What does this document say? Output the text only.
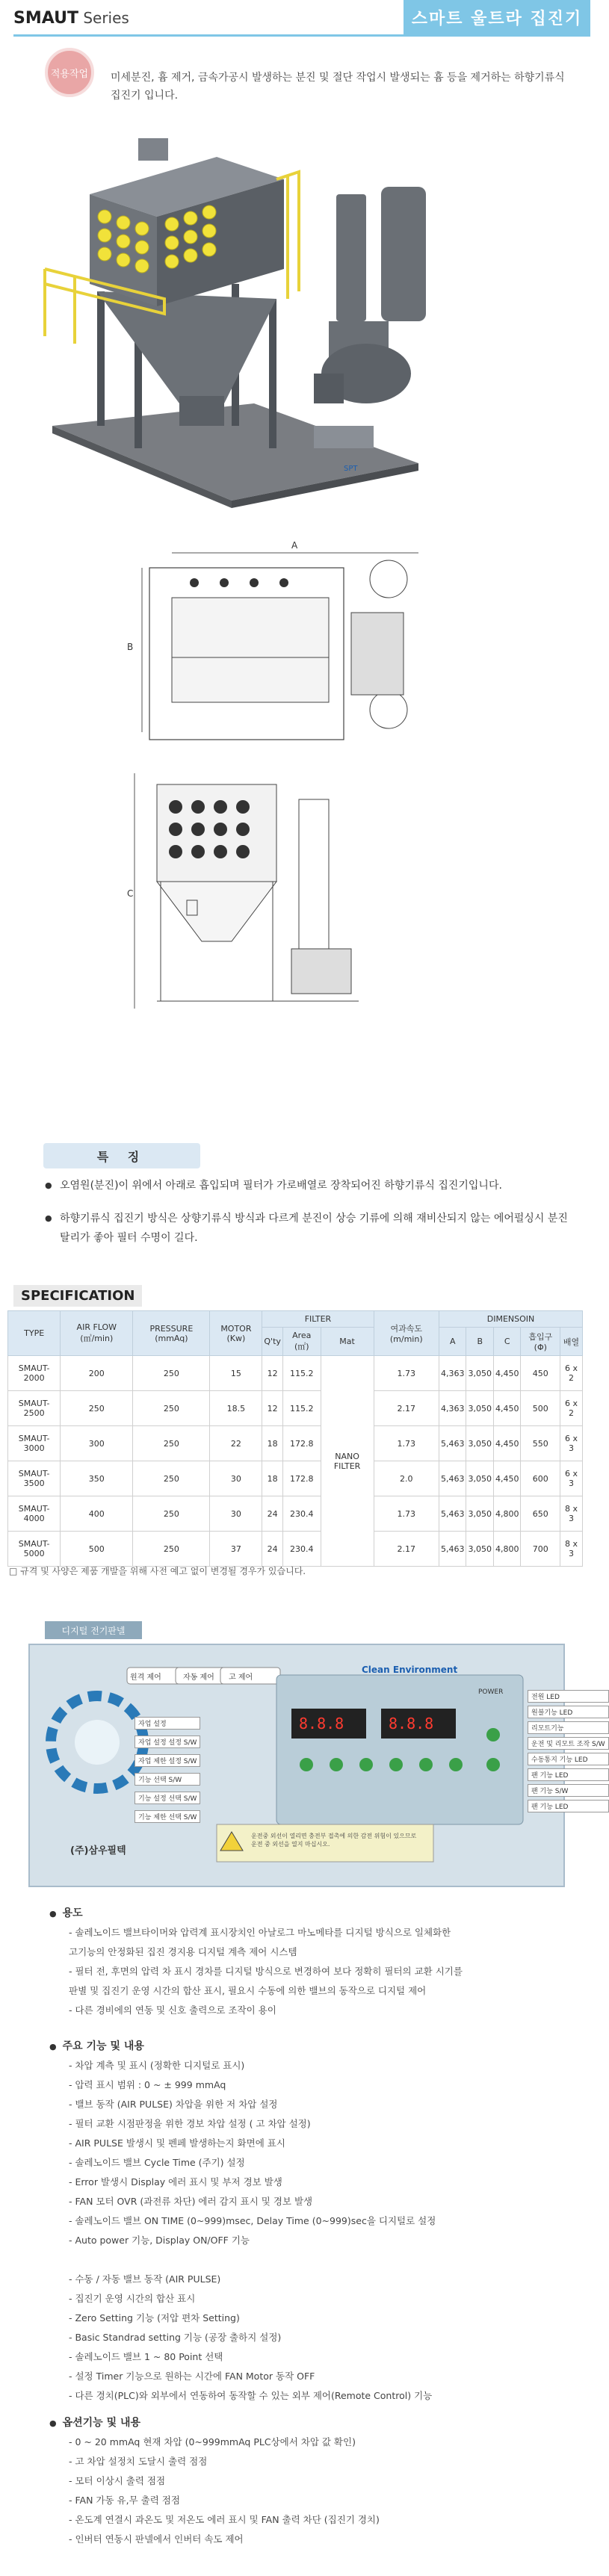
SMAUT Series	스마트 울트라 집진기
적용작업	미세분진, 흄 제거, 금속가공시 발생하는 분진 및 절단 작업시 발생되는 흄 등을 제거하는 하향기류식 집진기 입니다.
SPT
A
B
C
특 징
● 오염원(분진)이 위에서 아래로 흡입되며 필터가 가로배열로 장착되어진 하향기류식 집진기입니다.
● 하향기류식 집진기 방식은 상향기류식 방식과 다르게 분진이 상승 기류에 의해 재비산되지 않는 에어펄싱시 분진 탈리가 좋아 필터 수명이 길다.
SPECIFICATION
TYPE	AIR FLOW (㎥/min)	PRESSURE (mmAq)	MOTOR (Kw)	FILTER			여과속도 (m/min)	DIMENSOIN				
				Q'ty	Area (㎡)	Mat		A	B	C	흡입구 (Φ)	배열
SMAUT-2000	200	250	15	12	115.2	NANO FILTER	1.73	4,363	3,050	4,450	450	6 x 2
SMAUT-2500	250	250	18.5	12	115.2		2.17	4,363	3,050	4,450	500	6 x 2
SMAUT-3000	300	250	22	18	172.8		1.73	5,463	3,050	4,450	550	6 x 3
SMAUT-3500	350	250	30	18	172.8		2.0	5,463	3,050	4,450	600	6 x 3
SMAUT-4000	400	250	30	24	230.4		1.73	5,463	3,050	4,800	650	8 x 3
SMAUT-5000	500	250	37	24	230.4		2.17	5,463	3,050	4,800	700	8 x 3
□ 규격 및 사양은 제품 개발을 위해 사전 예고 없이 변경될 경우가 있습니다.
디지털 전기판넬
8.8.8	8.8.8
Clean Environment
원격 제어	자동 제어 고 제어
POWER
자업 설정
자업 설정 설정 S/W
자업 제한 설정 S/W
기능 선택 S/W
기능 설정 선택 S/W
기능 제한 선택 S/W
전원 LED
원블기능 LED
리모트기능
운전 및 리모트 조작 S/W
수동통지 기능 LED
팬 기능 LED
팬 기능 S/W
팬 기능 LED
(주)삼우필텍
운전중 외선이 열리면 충전부 접촉에 의한 감전 위험이 있으므로 운전 중 외선을 열지 마십시오.
● 용도
- 솔레노이드 밸브타이머와 압력계 표시장치인 아날로그 마노메타를 디지털 방식으로 일체화한
고기능의 안정화된 집진 경지용 디지털 계측 제어 시스템
- 필터 전, 후면의 압력 차 표시 경차를 디지털 방식으로 변경하여 보다 정확히 필터의 교환 시기를
판별 및 집진기 운영 시간의 합산 표시, 필요시 수동에 의한 밸브의 동작으로 디지털 제어
- 다른 경비에의 연동 및 신호 출력으로 조작이 용이
● 주요 기능 및 내용
- 차압 계측 및 표시 (정확한 디지털로 표시)
- 압력 표시 범위 : 0 ~ ± 999 mmAq
- 밸브 동작 (AIR PULSE) 차압을 위한 저 차압 설정
- 필터 교환 시점판정을 위한 경보 차압 설정 ( 고 차압 설정)
- AIR PULSE 발생시 및 펜페 발생하는지 화면에 표시
- 솔레노이드 밸브 Cycle Time (주기) 설정
- Error 발생시 Display 에러 표시 및 부저 경보 발생
- FAN 모터 OVR (과전류 차단) 에러 감지 표시 및 경보 발생
- 솔레노이드 밸브 ON TIME (0~999)msec, Delay Time (0~999)sec을 디지털로 설정
- Auto power 기능, Display ON/OFF 기능

- 수동 / 자동 밸브 동작 (AIR PULSE)
- 집진기 운영 시간의 합산 표시
- Zero Setting 기능 (저압 편차 Setting)
- Basic Standrad setting 기능 (공장 출하지 설정)
- 솔레노이드 밸브 1 ~ 80 Point 선택
- 설정 Timer 기능으로 원하는 시간에 FAN Motor 동작 OFF
- 다른 경치(PLC)와 외부에서 연동하여 동작할 수 있는 외부 제어(Remote Control) 기능
● 옵션기능 및 내용
- 0 ~ 20 mmAq 현재 차압 (0~999mmAq PLC상에서 차압 값 확인)
- 고 차압 설정치 도달시 출력 점점
- 모터 이상시 출력 점점
- FAN 가동 유,무 출력 점점
- 온도계 연결시 과온도 및 저온도 에러 표시 및 FAN 출력 차단 (집진기 경치)
- 인버터 연동시 판넬에서 인버터 속도 제어
